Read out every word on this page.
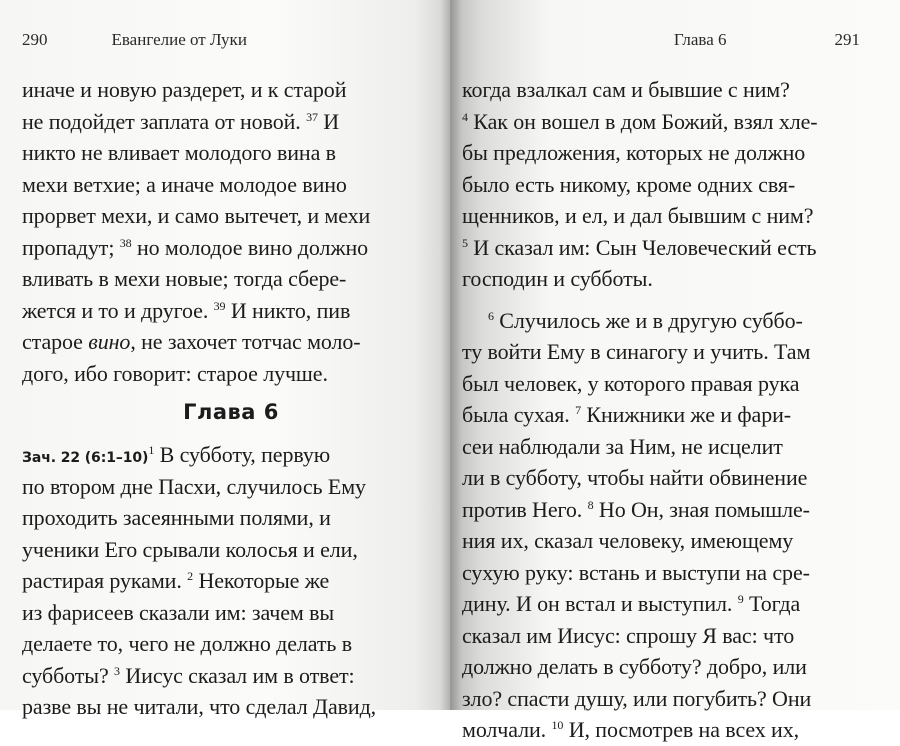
290	Евангелие от Луки
иначе и новую раздерет, и к старой
не подойдет заплата от новой. $^{37}$ И
никто не вливает молодого вина в
мехи ветхие; а иначе молодое вино
прорвет мехи, и само вытечет, и мехи
пропадут; $^{38}$ но молодое вино должно
вливать в мехи новые; тогда сбере-
жется и то и другое. $^{39}$ И никто, пив
старое вино, не захочет тотчас моло-
дого, ибо говорит: старое лучше.
Глава 6
Зач. 22 (6:1–10)$^1$ В субботу, первую
по втором дне Пасхи, случилось Ему
проходить засеянными полями, и
ученики Его срывали колосья и ели,
растирая руками. $^2$ Некоторые же
из фарисеев сказали им: зачем вы
делаете то, чего не должно делать в
субботы? $^3$ Иисус сказал им в ответ:
разве вы не читали, что сделал Давид,
Глава 6	291
когда взалкал сам и бывшие с ним?
$^4$ Как он вошел в дом Божий, взял хле-
бы предложения, которых не должно
было есть никому, кроме одних свя-
щенников, и ел, и дал бывшим с ним?
$^5$ И сказал им: Сын Человеческий есть
господин и субботы.
$^6$ Случилось же и в другую суббо-
ту войти Ему в синагогу и учить. Там
был человек, у которого правая рука
была сухая. $^7$ Книжники же и фари-
сеи наблюдали за Ним, не исцелит
ли в субботу, чтобы найти обвинение
против Него. $^8$ Но Он, зная помышле-
ния их, сказал человеку, имеющему
сухую руку: встань и выступи на сре-
дину. И он встал и выступил. $^9$ Тогда
сказал им Иисус: спрошу Я вас: что
должно делать в субботу? добро, или
зло? спасти душу, или погубить? Они
молчали. $^{10}$ И, посмотрев на всех их,
